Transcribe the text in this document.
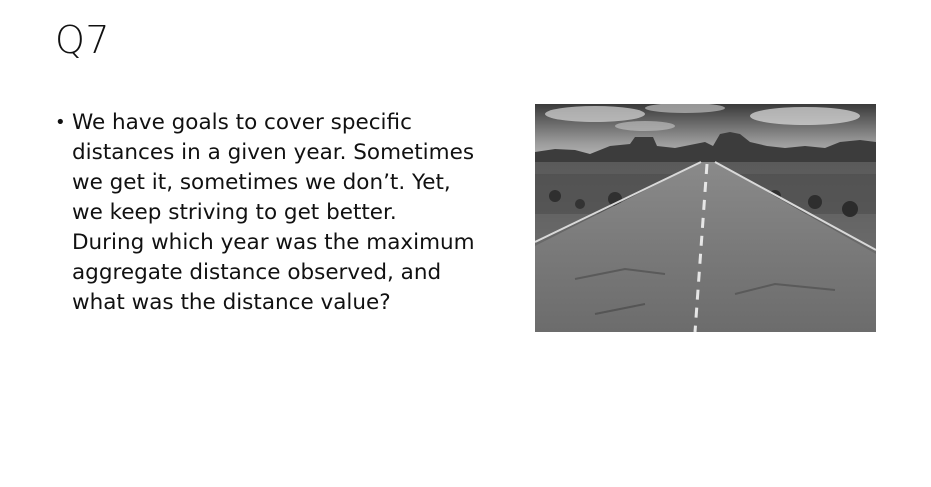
Q7
• We have goals to cover specific distances in a given year. Sometimes we get it, sometimes we don’t. Yet, we keep striving to get better. During which year was the maximum aggregate distance observed, and what was the distance value?
